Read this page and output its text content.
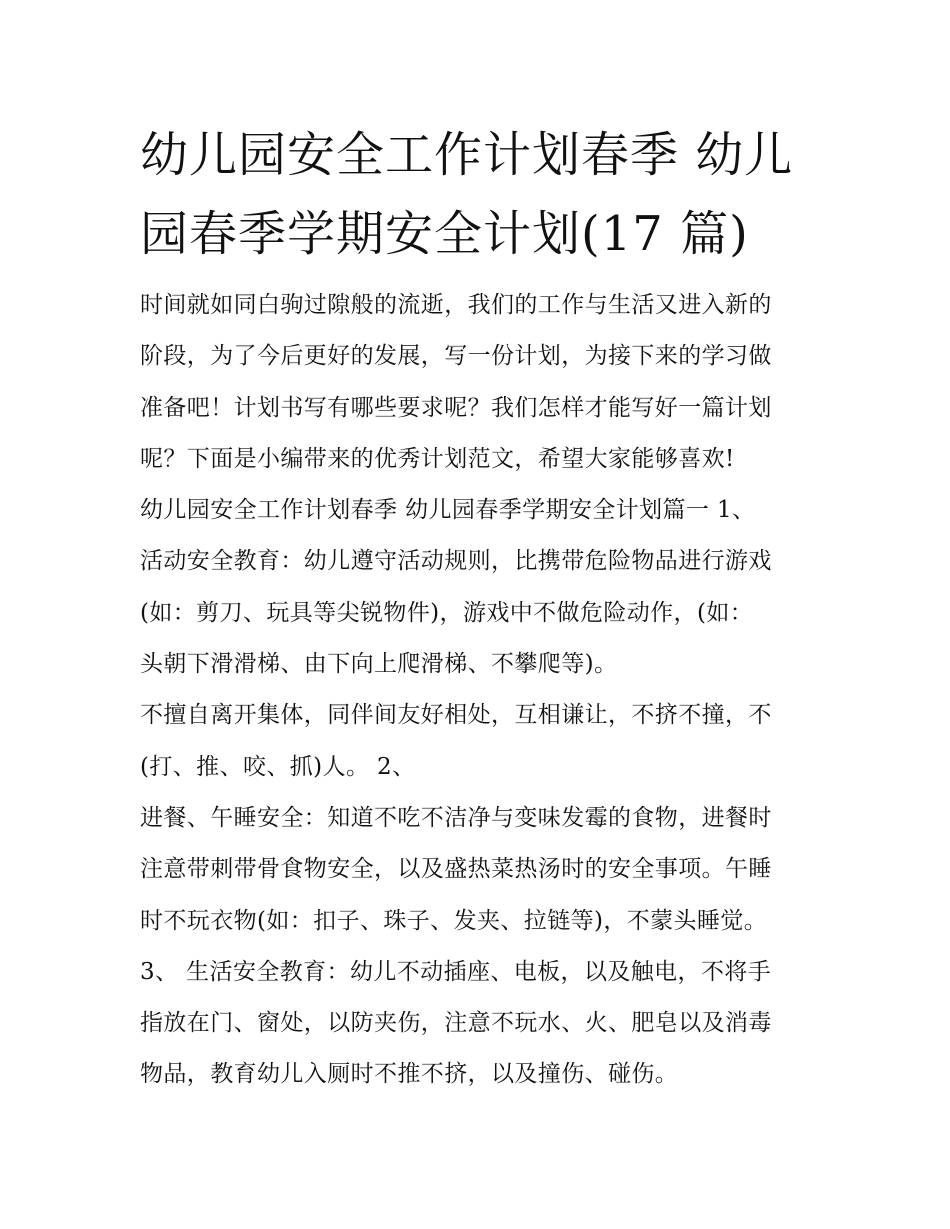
幼儿园安全工作计划春季 幼儿
园春季学期安全计划(17 篇)
时间就如同白驹过隙般的流逝，我们的工作与生活又进入新的
阶段，为了今后更好的发展，写一份计划，为接下来的学习做
准备吧！计划书写有哪些要求呢？我们怎样才能写好一篇计划
呢？下面是小编带来的优秀计划范文，希望大家能够喜欢!
幼儿园安全工作计划春季 幼儿园春季学期安全计划篇一 1、
活动安全教育：幼儿遵守活动规则，比携带危险物品进行游戏
(如：剪刀、玩具等尖锐物件)，游戏中不做危险动作，(如：
头朝下滑滑梯、由下向上爬滑梯、不攀爬等)。
不擅自离开集体，同伴间友好相处，互相谦让，不挤不撞，不
(打、推、咬、抓)人。 2、
进餐、午睡安全：知道不吃不洁净与变味发霉的食物，进餐时
注意带刺带骨食物安全，以及盛热菜热汤时的安全事项。午睡
时不玩衣物(如：扣子、珠子、发夹、拉链等)，不蒙头睡觉。
3、 生活安全教育：幼儿不动插座、电板，以及触电，不将手
指放在门、窗处，以防夹伤，注意不玩水、火、肥皂以及消毒
物品，教育幼儿入厕时不推不挤，以及撞伤、碰伤。
